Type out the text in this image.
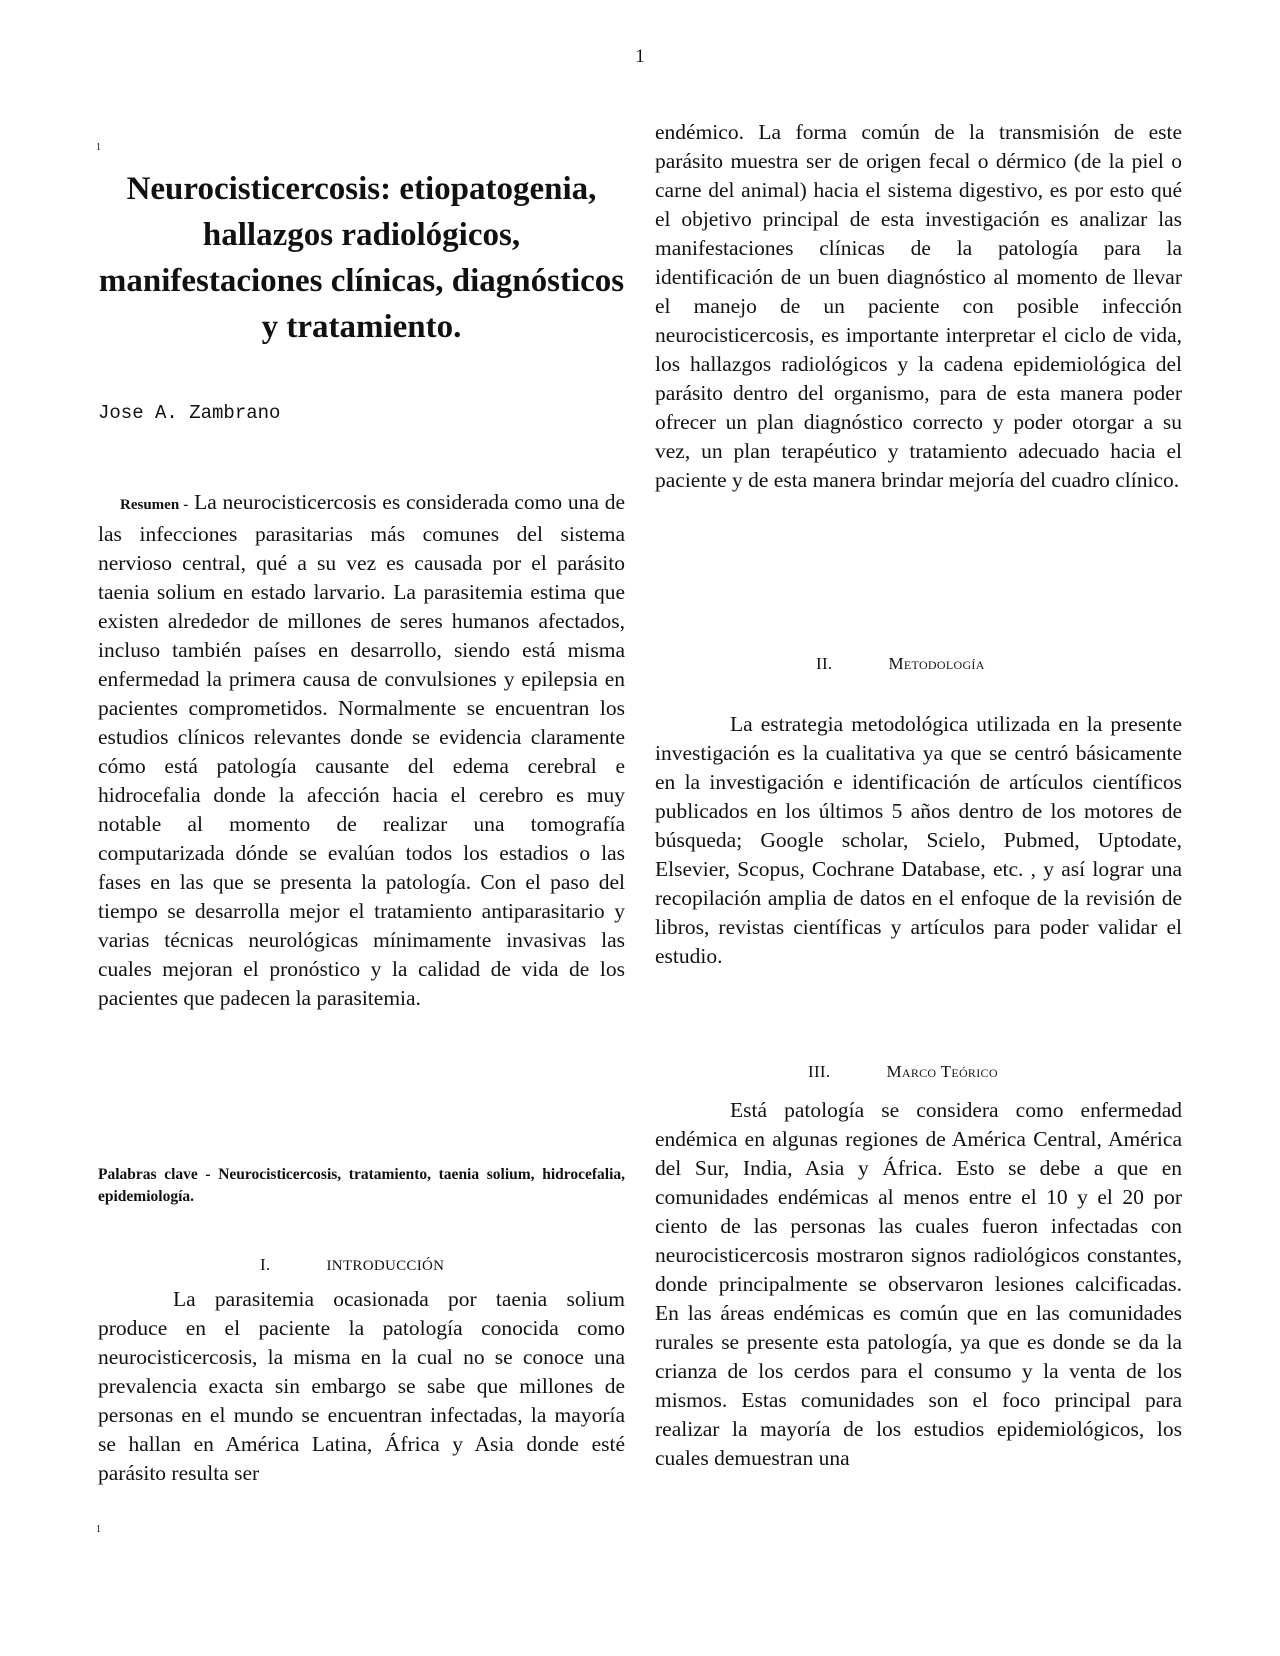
1
1
Neurocisticercosis: etiopatogenia, hallazgos radiológicos, manifestaciones clínicas, diagnósticos y tratamiento.
Jose A. Zambrano

Resumen - La neurocisticercosis es considerada como una de las infecciones parasitarias más comunes del sistema nervioso central, qué a su vez es causada por el parásito taenia solium en estado larvario. La parasitemia estima que existen alrededor de millones de seres humanos afectados, incluso también países en desarrollo, siendo está misma enfermedad la primera causa de convulsiones y epilepsia en pacientes comprometidos. Normalmente se encuentran los estudios clínicos relevantes donde se evidencia claramente cómo está patología causante del edema cerebral e hidrocefalia donde la afección hacia el cerebro es muy notable al momento de realizar una tomografía computarizada dónde se evalúan todos los estadios o las fases en las que se presenta la patología. Con el paso del tiempo se desarrolla mejor el tratamiento antiparasitario y varias técnicas neurológicas mínimamente invasivas las cuales mejoran el pronóstico y la calidad de vida de los pacientes que padecen la parasitemia.

Palabras clave - Neurocisticercosis, tratamiento, taenia solium, hidrocefalia, epidemiología.

I.	INTRODUCCIÓN

La parasitemia ocasionada por taenia solium produce en el paciente la patología conocida como neurocisticercosis, la misma en la cual no se conoce una prevalencia exacta sin embargo se sabe que millones de personas en el mundo se encuentran infectadas, la mayoría se hallan en América Latina, África y Asia donde esté parásito resulta ser

1

endémico. La forma común de la transmisión de este parásito muestra ser de origen fecal o dérmico (de la piel o carne del animal) hacia el sistema digestivo, es por esto qué el objetivo principal de esta investigación es analizar las manifestaciones clínicas de la patología para la identificación de un buen diagnóstico al momento de llevar el manejo de un paciente con posible infección neurocisticercosis, es importante interpretar el ciclo de vida, los hallazgos radiológicos y la cadena epidemiológica del parásito dentro del organismo, para de esta manera poder ofrecer un plan diagnóstico correcto y poder otorgar a su vez, un plan terapéutico y tratamiento adecuado hacia el paciente y de esta manera brindar mejoría del cuadro clínico.

II.	Metodología

La estrategia metodológica utilizada en la presente investigación es la cualitativa ya que se centró básicamente en la investigación e identificación de artículos científicos publicados en los últimos 5 años dentro de los motores de búsqueda; Google scholar, Scielo, Pubmed, Uptodate, Elsevier, Scopus, Cochrane Database, etc. , y así lograr una recopilación amplia de datos en el enfoque de la revisión de libros, revistas científicas y artículos para poder validar el estudio.

III.	Marco Teórico

Está patología se considera como enfermedad endémica en algunas regiones de América Central, América del Sur, India, Asia y África. Esto se debe a que en comunidades endémicas al menos entre el 10 y el 20 por ciento de las personas las cuales fueron infectadas con neurocisticercosis mostraron signos radiológicos constantes, donde principalmente se observaron lesiones calcificadas. En las áreas endémicas es común que en las comunidades rurales se presente esta patología, ya que es donde se da la crianza de los cerdos para el consumo y la venta de los mismos. Estas comunidades son el foco principal para realizar la mayoría de los estudios epidemiológicos, los cuales demuestran una
